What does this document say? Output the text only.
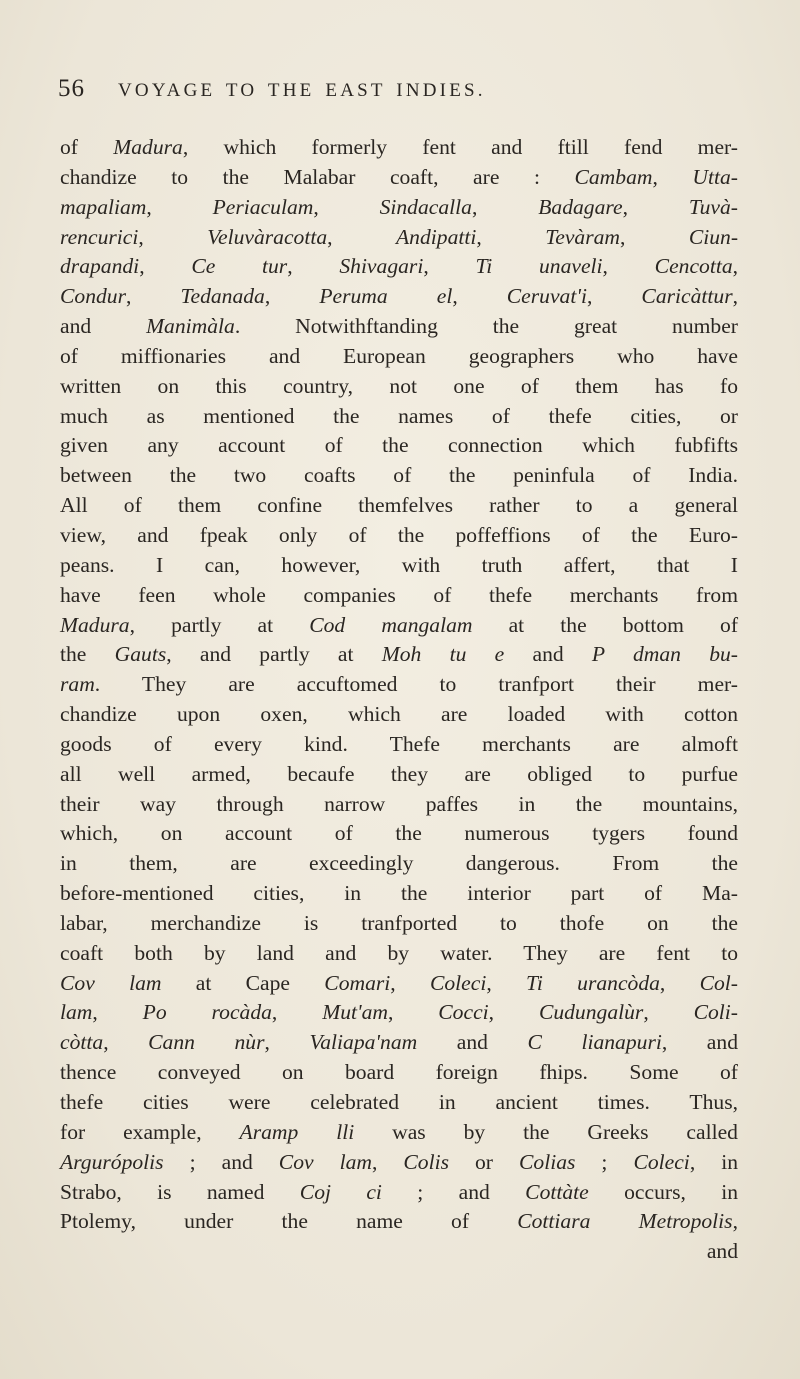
56	VOYAGE TO THE EAST INDIES.
of Madura, which formerly fent and ftill fend mer-
chandize to the Malabar coaft, are : Cambam, Utta-
mapaliam, Periaculam, Sindacalla, Badagare, Tuvà-
rencurici, Veluvàracotta, Andipatti, Tevàram, Ciun-
drapandi, Ce tur, Shivagari, Ti unaveli, Cencotta,
Condur, Tedanada, Peruma el, Ceruvat'i, Caricàttur,
and Manimàla. Notwithftanding the great number
of miffionaries and European geographers who have
written on this country, not one of them has fo
much as mentioned the names of thefe cities, or
given any account of the connection which fubfifts
between the two coafts of the peninfula of India.
All of them confine themfelves rather to a general
view, and fpeak only of the poffeffions of the Euro-
peans. I can, however, with truth affert, that I
have feen whole companies of thefe merchants from
Madura, partly at Cod mangalam at the bottom of
the Gauts, and partly at Moh tu e and P dman bu-
ram. They are accuftomed to tranfport their mer-
chandize upon oxen, which are loaded with cotton
goods of every kind. Thefe merchants are almoft
all well armed, becaufe they are obliged to purfue
their way through narrow paffes in the mountains,
which, on account of the numerous tygers found
in them, are exceedingly dangerous. From the
before-mentioned cities, in the interior part of Ma-
labar, merchandize is tranfported to thofe on the
coaft both by land and by water. They are fent to
Cov lam at Cape Comari, Coleci, Ti urancòda, Col-
lam, Po rocàda, Mut'am, Cocci, Cudungalùr, Coli-
còtta, Cann nùr, Valiapa'nam and C lianapuri, and
thence conveyed on board foreign fhips. Some of
thefe cities were celebrated in ancient times. Thus,
for example, Aramp lli was by the Greeks called
Argurópolis ; and Cov lam, Colis or Colias ; Coleci, in
Strabo, is named Coj ci ; and Cottàte occurs, in
Ptolemy, under the name of Cottiara Metropolis,
and
